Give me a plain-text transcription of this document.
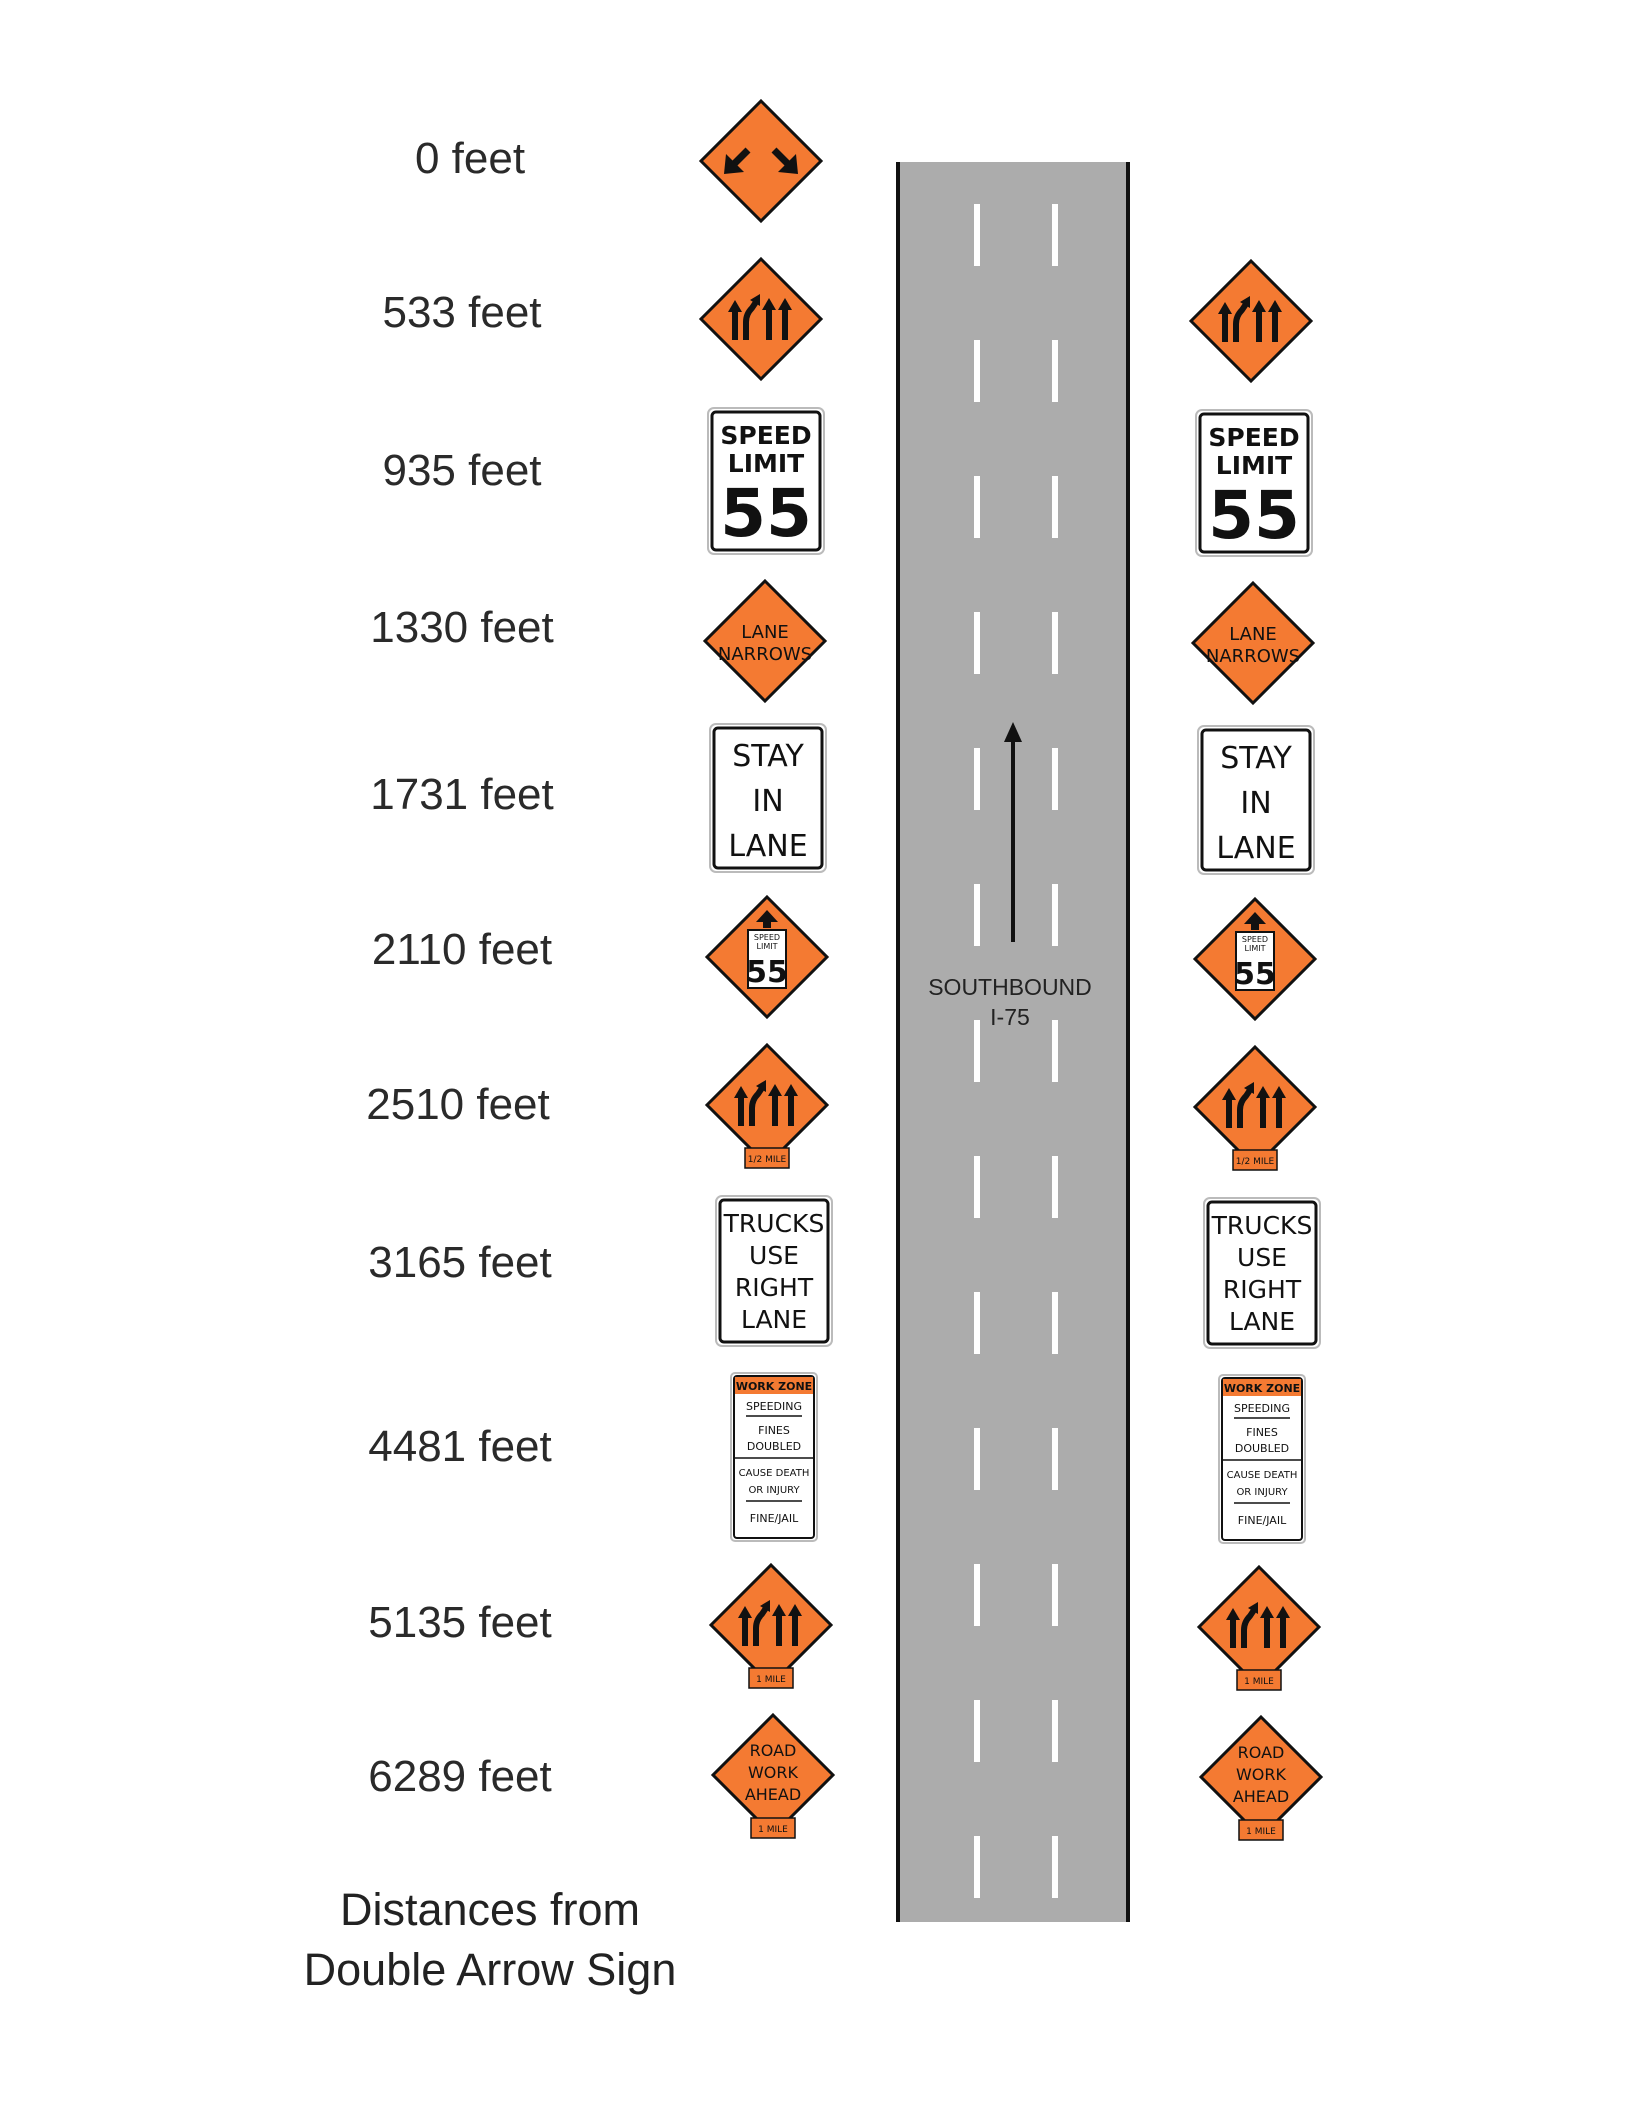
0 feet
533 feet
935 feet
1330 feet
1731 feet
2110 feet
2510 feet
3165 feet
4481 feet
5135 feet
6289 feet
Distances from
Double Arrow Sign
SOUTHBOUND
I-75
SPEED
LIMIT
55
LANE
NARROWS
STAY
IN
LANE
SPEED
LIMIT
55
1/2 MILE
TRUCKS
USE
RIGHT
LANE
WORK ZONE
SPEEDING
FINES
DOUBLED
CAUSE DEATH
OR INJURY
FINE/JAIL
1 MILE
ROAD
WORK
AHEAD
1 MILE
SPEED
LIMIT
55
LANE
NARROWS
STAY
IN
LANE
SPEED
LIMIT
55
1/2 MILE
TRUCKS
USE
RIGHT
LANE
WORK ZONE
SPEEDING
FINES
DOUBLED
CAUSE DEATH
OR INJURY
FINE/JAIL
1 MILE
ROAD
WORK
AHEAD
1 MILE
